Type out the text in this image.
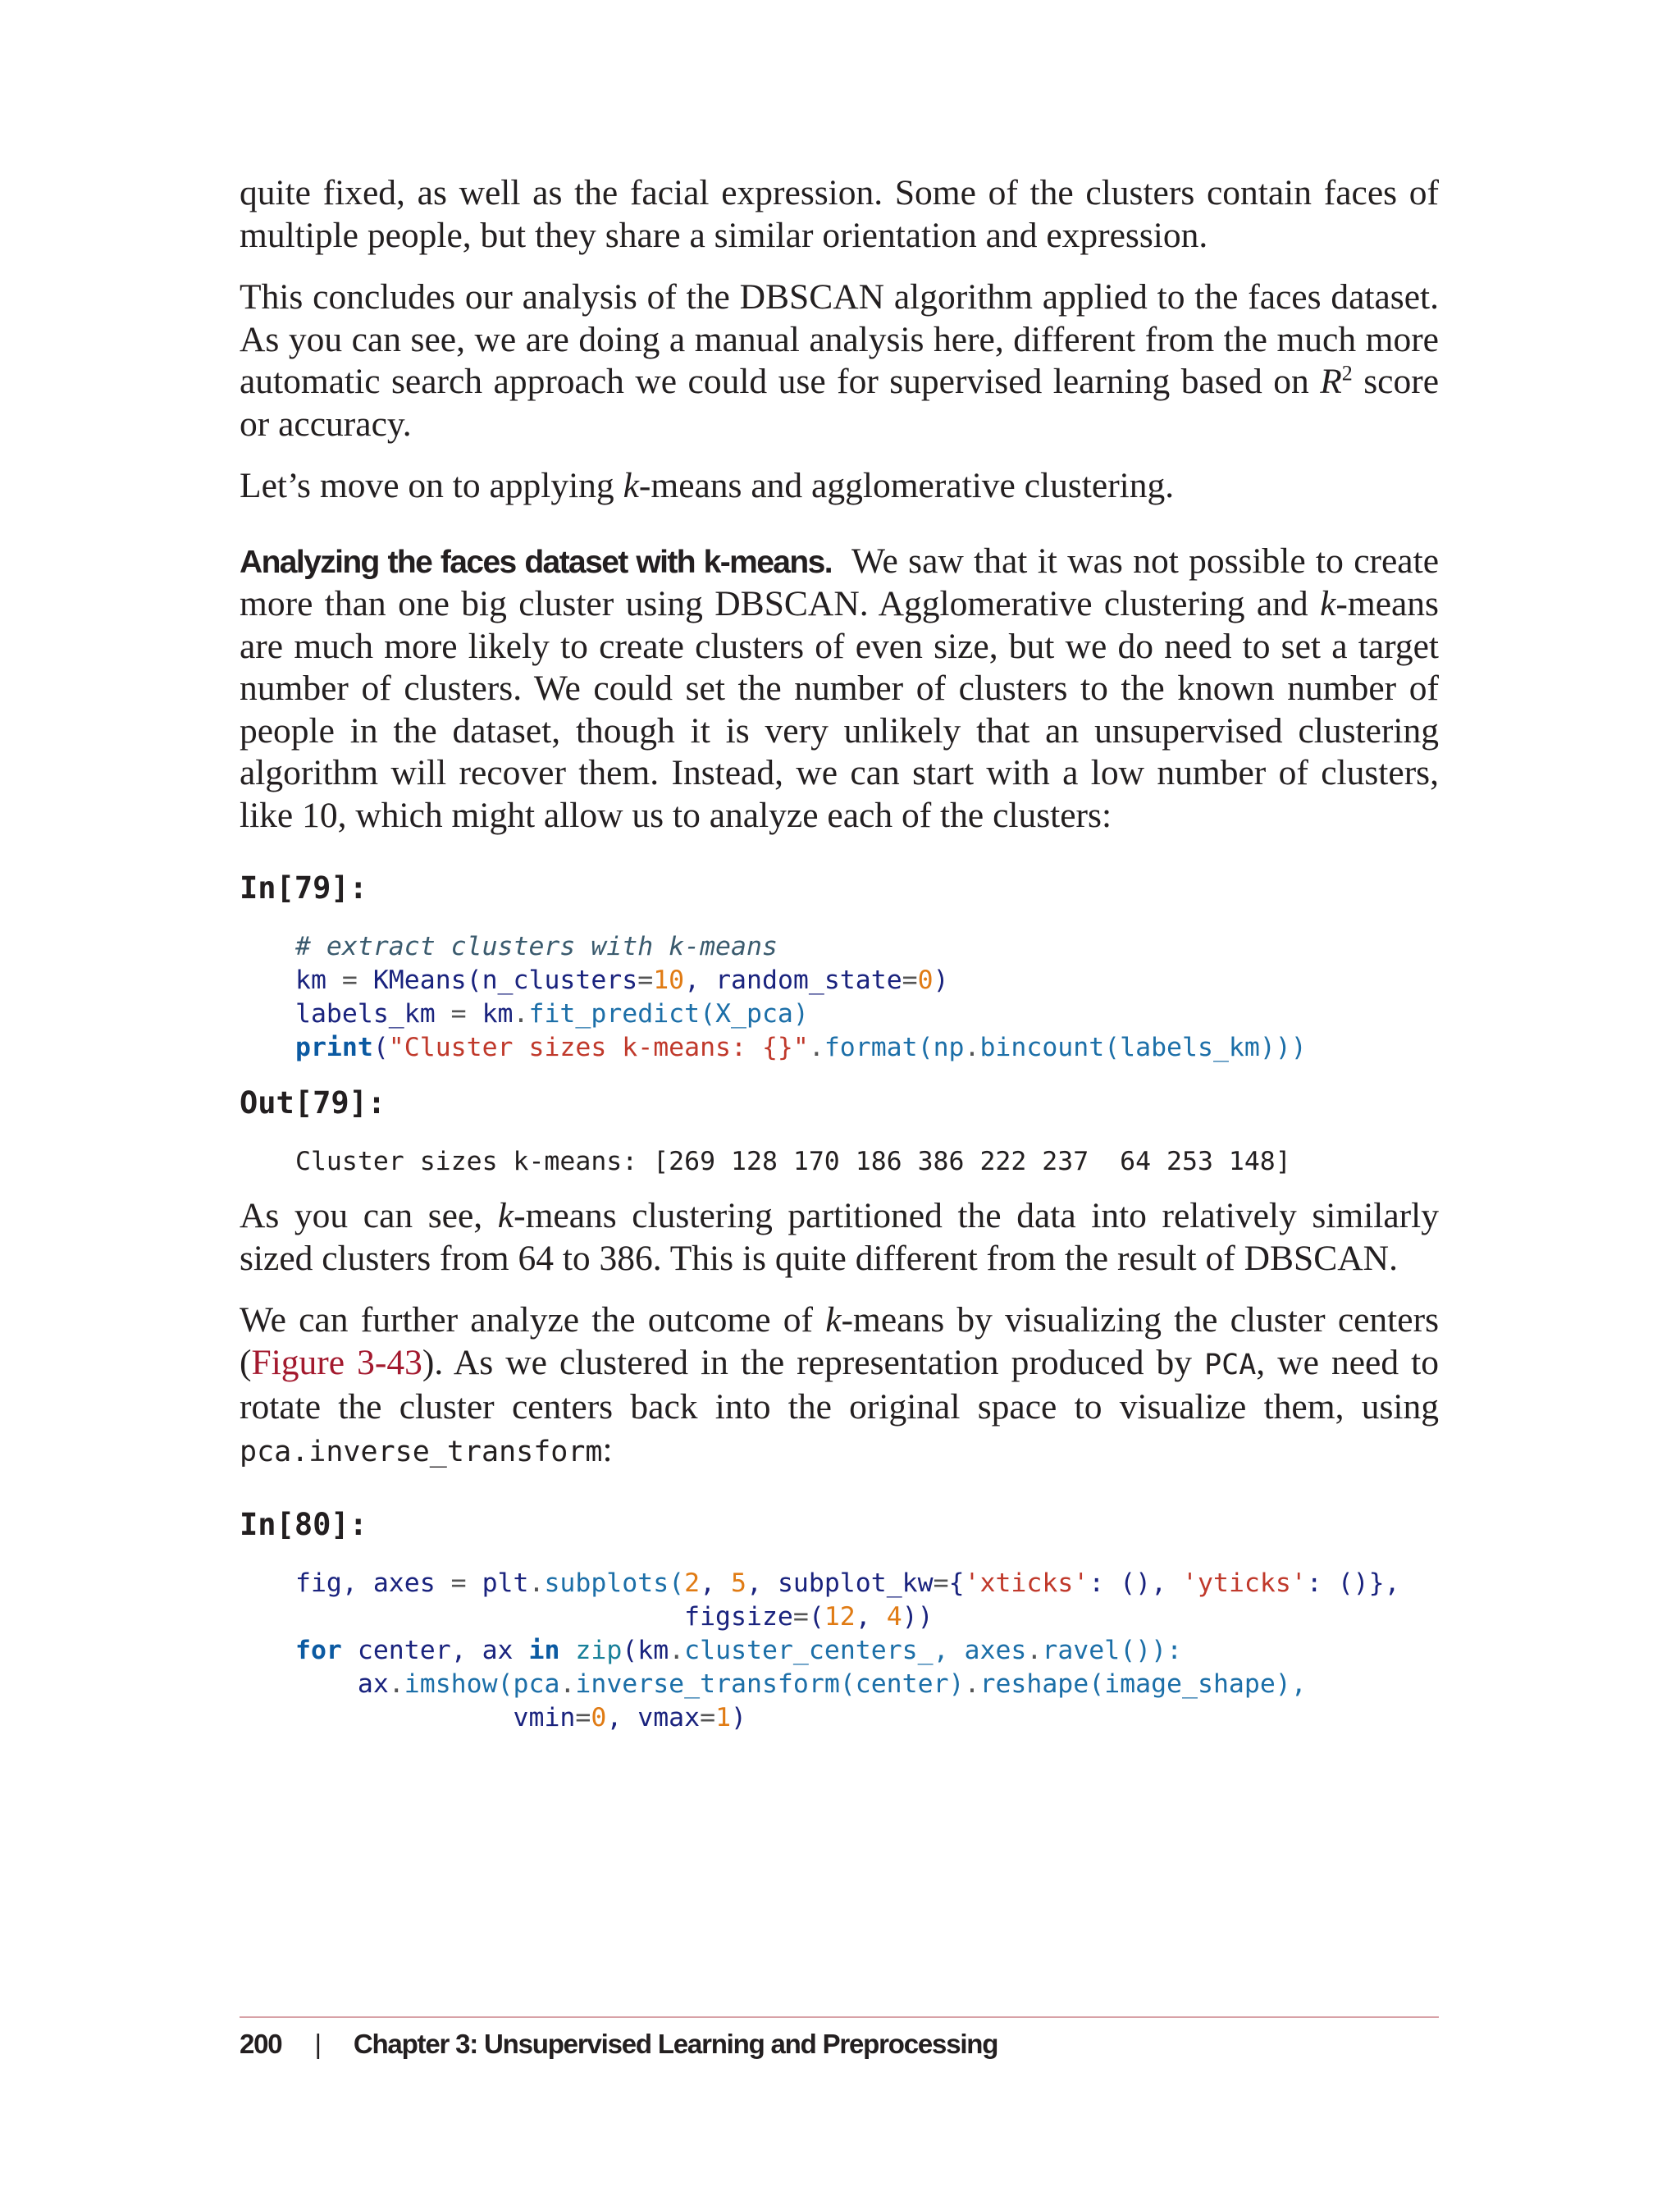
quite fixed, as well as the facial expression. Some of the clusters contain faces of multiple people, but they share a similar orientation and expression.

This concludes our analysis of the DBSCAN algorithm applied to the faces dataset. As you can see, we are doing a manual analysis here, different from the much more automatic search approach we could use for supervised learning based on $R^2$ score or accuracy.

Let’s move on to applying k-means and agglomerative clustering.

Analyzing the faces dataset with k-means. We saw that it was not possible to create more than one big cluster using DBSCAN. Agglomerative clustering and k-means are much more likely to create clusters of even size, but we do need to set a target number of clusters. We could set the number of clusters to the known number of people in the dataset, though it is very unlikely that an unsupervised clustering algorithm will recover them. Instead, we can start with a low number of clusters, like 10, which might allow us to analyze each of the clusters:

In[79]:
# extract clusters with k-means
km = KMeans(n_clusters=10, random_state=0)
labels_km = km.fit_predict(X_pca)
print("Cluster sizes k-means: {}".format(np.bincount(labels_km)))
Out[79]:
Cluster sizes k-means: [269 128 170 186 386 222 237  64 253 148]

As you can see, k-means clustering partitioned the data into relatively similarly sized clusters from 64 to 386. This is quite different from the result of DBSCAN.

We can further analyze the outcome of k-means by visualizing the cluster centers (Figure 3-43). As we clustered in the representation produced by PCA, we need to rotate the cluster centers back into the original space to visualize them, using pca.inverse_transform:

In[80]:
fig, axes = plt.subplots(2, 5, subplot_kw={'xticks': (), 'yticks': ()},
figsize=(12, 4))
for center, ax in zip(km.cluster_centers_, axes.ravel()):
ax.imshow(pca.inverse_transform(center).reshape(image_shape),
vmin=0, vmax=1)
200 | Chapter 3: Unsupervised Learning and Preprocessing
